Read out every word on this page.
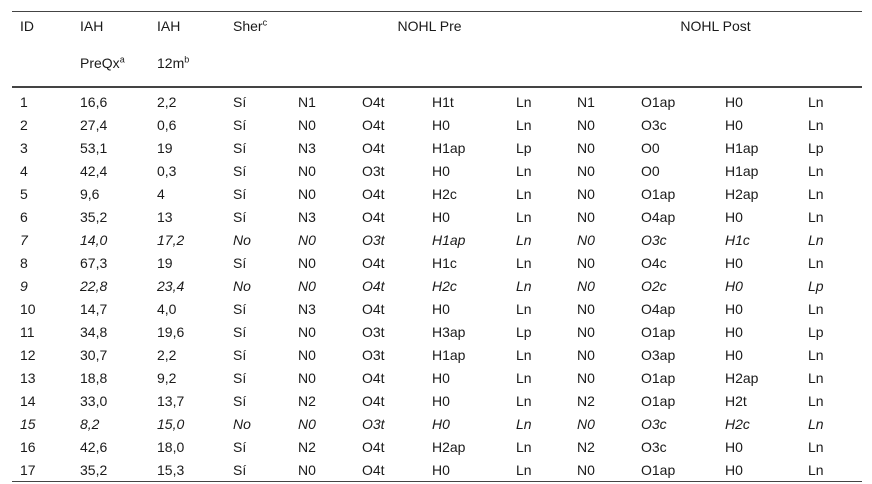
ID	IAH	IAH	Sher$^c$	NOHL Pre				NOHL Post			
	PreQx$^a$	$12m^b$									
1	16,6	2,2	Sí	N1	O4t	H1t	Ln	N1	O1ap	H0	Ln
2	27,4	0,6	Sí	N0	O4t	H0	Ln	N0	O3c	H0	Ln
3	53,1	19	Sí	N3	O4t	H1ap	Lp	N0	O0	H1ap	Lp
4	42,4	0,3	Sí	N0	O3t	H0	Ln	N0	O0	H1ap	Ln
5	9,6	4	Sí	N0	O4t	H2c	Ln	N0	O1ap	H2ap	Ln
6	35,2	13	Sí	N3	O4t	H0	Ln	N0	O4ap	H0	Ln
7	14,0	17,2	No	N0	O3t	H1ap	Ln	N0	O3c	H1c	Ln
8	67,3	19	Sí	N0	O4t	H1c	Ln	N0	O4c	H0	Ln
9	22,8	23,4	No	N0	O4t	H2c	Ln	N0	O2c	H0	Lp
10	14,7	4,0	Sí	N3	O4t	H0	Ln	N0	O4ap	H0	Ln
11	34,8	19,6	Sí	N0	O3t	H3ap	Lp	N0	O1ap	H0	Lp
12	30,7	2,2	Sí	N0	O3t	H1ap	Ln	N0	O3ap	H0	Ln
13	18,8	9,2	Sí	N0	O4t	H0	Ln	N0	O1ap	H2ap	Ln
14	33,0	13,7	Sí	N2	O4t	H0	Ln	N2	O1ap	H2t	Ln
15	8,2	15,0	No	N0	O3t	H0	Ln	N0	O3c	H2c	Ln
16	42,6	18,0	Sí	N2	O4t	H2ap	Ln	N2	O3c	H0	Ln
17	35,2	15,3	Sí	N0	O4t	H0	Ln	N0	O1ap	H0	Ln
